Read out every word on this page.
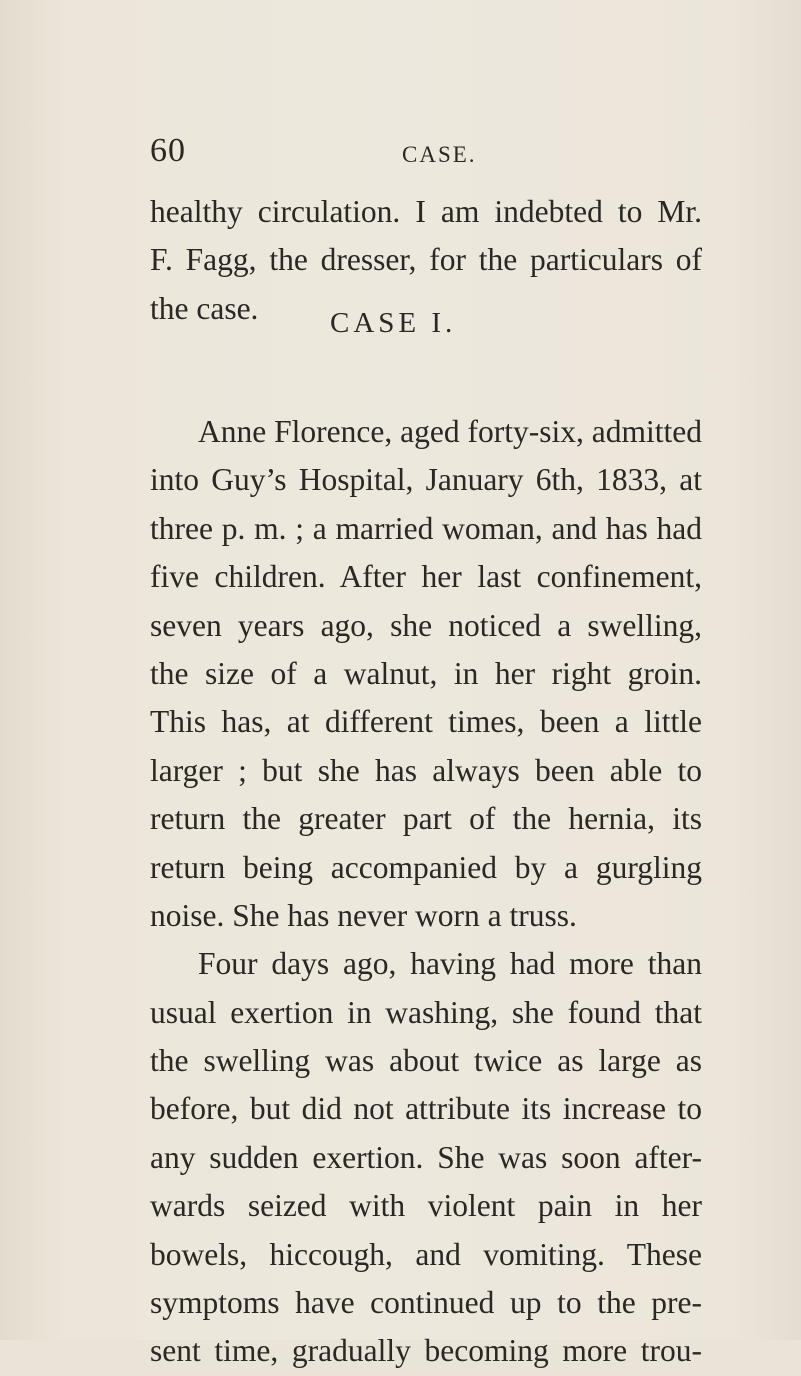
60	CASE.
healthy circulation. I am indebted to Mr.
F. Fagg, the dresser, for the particulars of
the case.	CASE I.
Anne Florence, aged forty-six, admitted
into Guy’s Hospital, January 6th, 1833, at
three p. m. ; a married woman, and has had
five children. After her last confinement,
seven years ago, she noticed a swelling,
the size of a walnut, in her right groin.
This has, at different times, been a little
larger ; but she has always been able to
return the greater part of the hernia, its
return being accompanied by a gurgling
noise. She has never worn a truss.
Four days ago, having had more than
usual exertion in washing, she found that
the swelling was about twice as large as
before, but did not attribute its increase to
any sudden exertion. She was soon after-
wards seized with violent pain in her
bowels, hiccough, and vomiting. These
symptoms have continued up to the pre-
sent time, gradually becoming more trou-
